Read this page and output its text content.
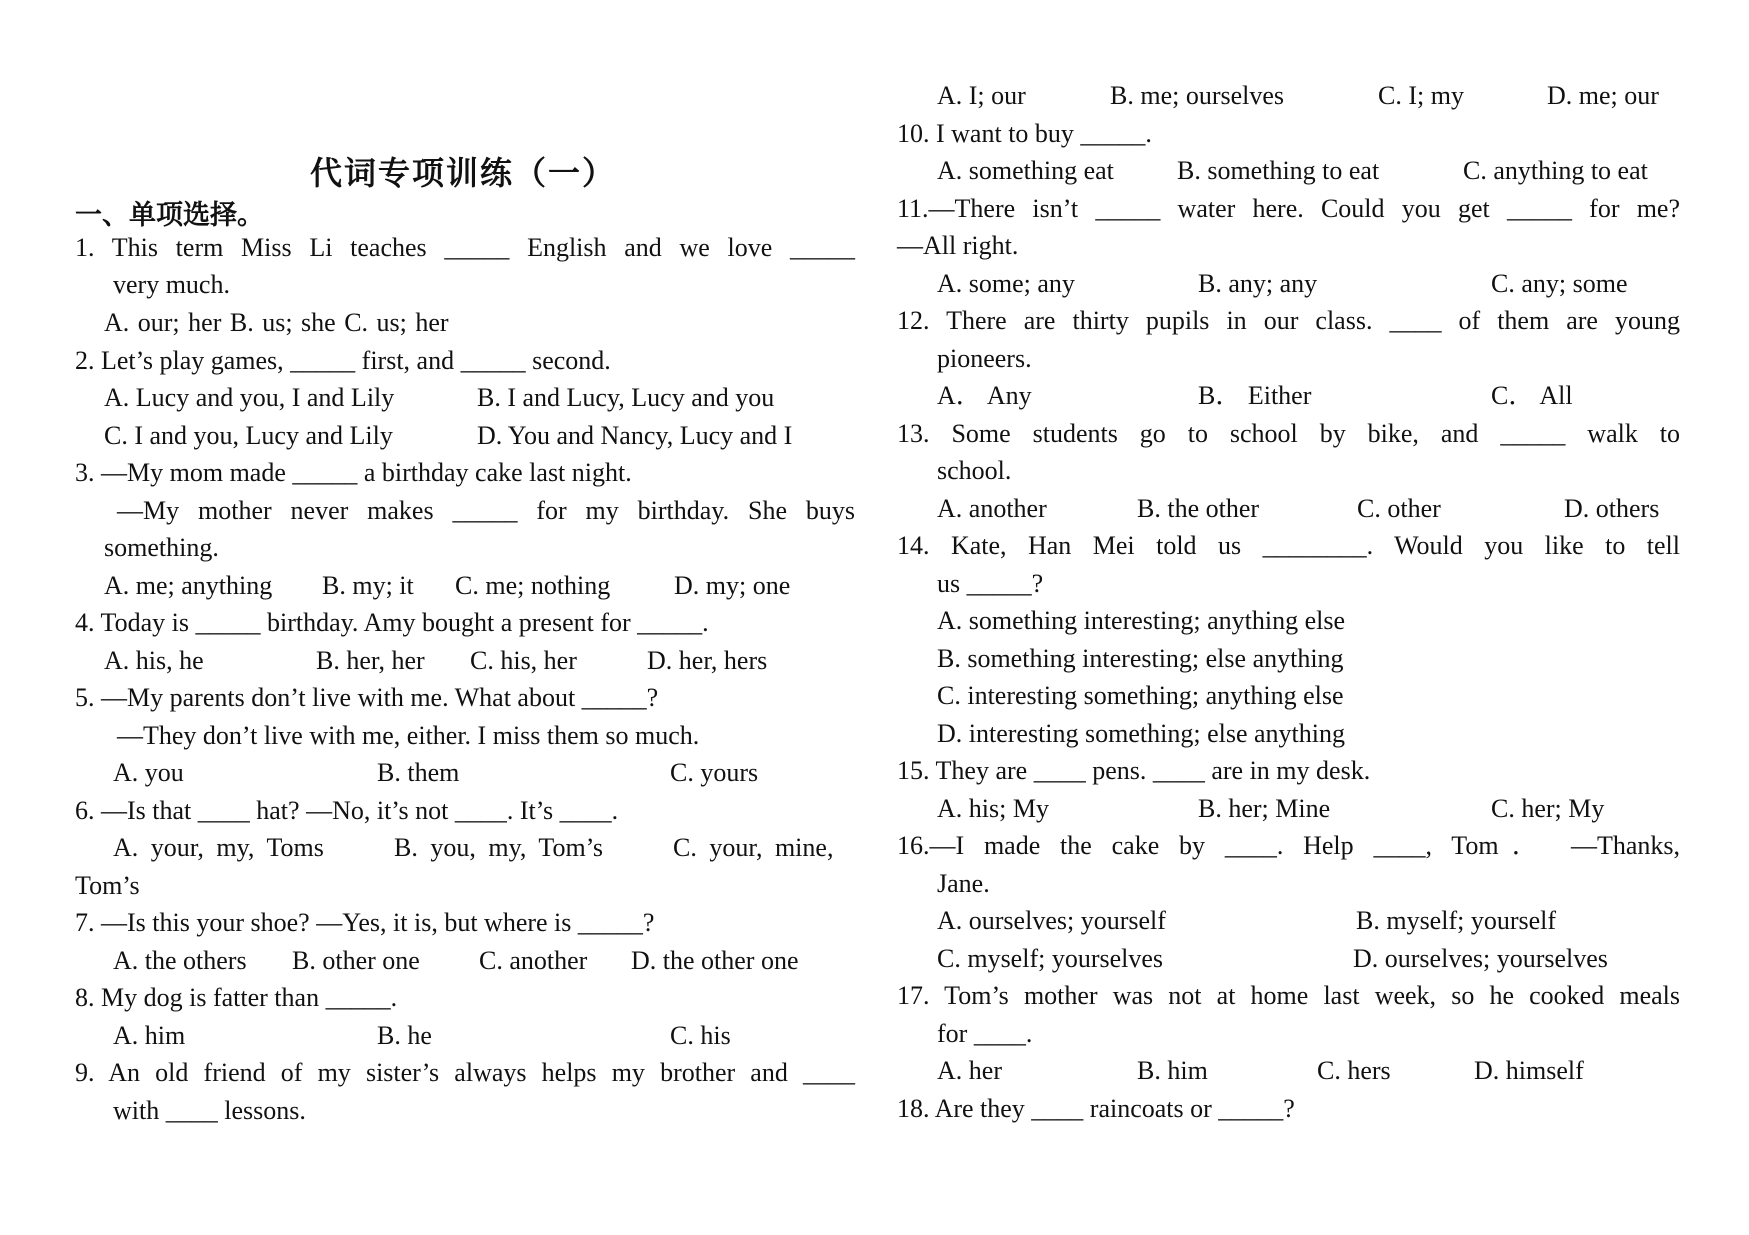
代词专项训练（一）
一、单项选择。
1. This term Miss Li teaches _____ English and we love _____
very much.
A. our; her B. us; she C. us; her
2. Let’s play games, _____ first, and _____ second.
A. Lucy and you, I and Lily	B. I and Lucy, Lucy and you
C. I and you, Lucy and Lily	D. You and Nancy, Lucy and I
3. —My mom made _____ a birthday cake last night.
—My mother never makes _____ for my birthday. She buys
something.
A. me; anything B. my; it C. me; nothing D. my; one
4. Today is _____ birthday. Amy bought a present for _____.
A. his, he	B. her, her C. his, her	D. her, hers
5. —My parents don’t live with me. What about _____?
—They don’t live with me, either. I miss them so much.
A. you	B. them	C. yours
6. —Is that ____ hat? —No, it’s not ____. It’s ____.
A. your, my, Toms	B. you, my, Tom’s	C. your, mine,
Tom’s
7. —Is this your shoe? —Yes, it is, but where is _____?
A. the others B. other one C. another D. the other one
8. My dog is fatter than _____.
A. him	B. he	C. his
9. An old friend of my sister’s always helps my brother and ____
with ____ lessons.
A. I; our	B. me; ourselves	C. I; my	D. me; our
10. I want to buy _____.
A. something eat B. something to eat	C. anything to eat
11.—There isn’t _____ water here. Could you get _____ for me?
—All right.
A. some; any	B. any; any	C. any; some
12. There are thirty pupils in our class. ____ of them are young
pioneers.
A． Any	B． Either	C． All
13. Some students go to school by bike, and _____ walk to
school.
A. another	B. the other	C. other	D. others
14. Kate, Han Mei told us ________. Would you like to tell
us _____?
A. something interesting; anything else
B. something interesting; else anything
C. interesting something; anything else
D. interesting something; else anything
15. They are ____ pens. ____ are in my desk.
A. his; My	B. her; Mine	C. her; My
16.—I made the cake by ____. Help ____, Tom． —Thanks,
Jane.
A. ourselves; yourself	B. myself; yourself
C. myself; yourselves	D. ourselves; yourselves
17. Tom’s mother was not at home last week, so he cooked meals
for ____.
A. her	B. him	C. hers	D. himself
18. Are they ____ raincoats or _____?
